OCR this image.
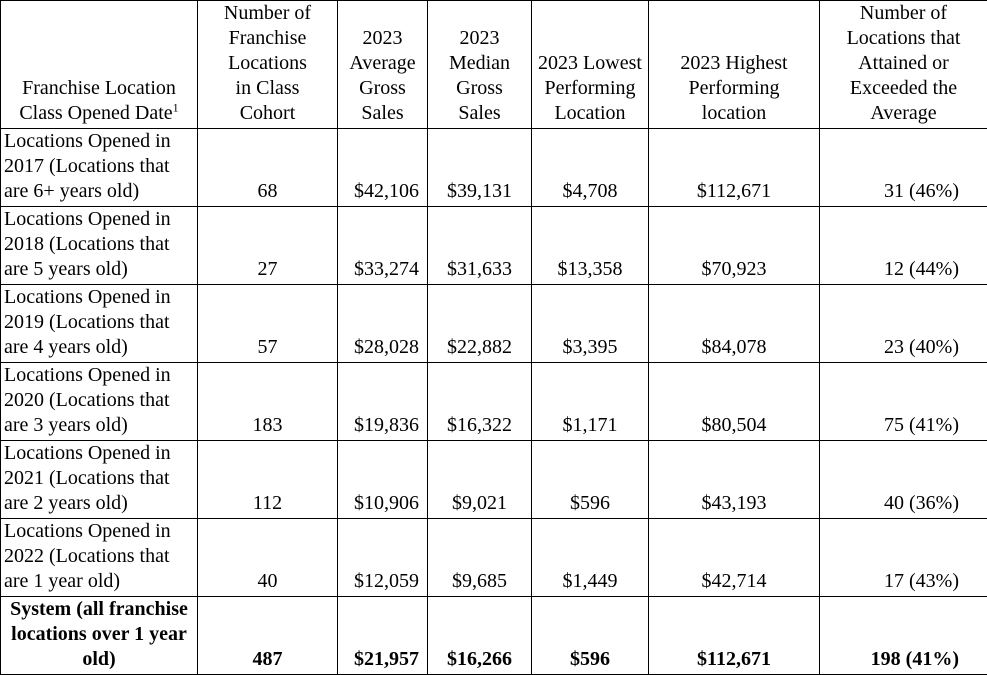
Franchise Location
Class Opened Date$^1$	Number of Franchise Locations in Class Cohort	2023 Average Gross Sales	2023 Median Gross Sales	2023 Lowest Performing Location	2023 Highest Performing location	Number of Locations that Attained or Exceeded the Average
Locations Opened in 2017 (Locations that are 6+ years old)	68	$42,106	$39,131	$4,708	$112,671	31 (46%)
Locations Opened in 2018 (Locations that are 5 years old)	27	$33,274	$31,633	$13,358	$70,923	12 (44%)
Locations Opened in 2019 (Locations that are 4 years old)	57	$28,028	$22,882	$3,395	$84,078	23 (40%)
Locations Opened in 2020 (Locations that are 3 years old)	183	$19,836	$16,322	$1,171	$80,504	75 (41%)
Locations Opened in 2021 (Locations that are 2 years old)	112	$10,906	$9,021	$596	$43,193	40 (36%)
Locations Opened in 2022 (Locations that are 1 year old)	40	$12,059	$9,685	$1,449	$42,714	17 (43%)
System (all franchise locations over 1 year old)	487	$21,957	$16,266	$596	$112,671	198 (41%)
